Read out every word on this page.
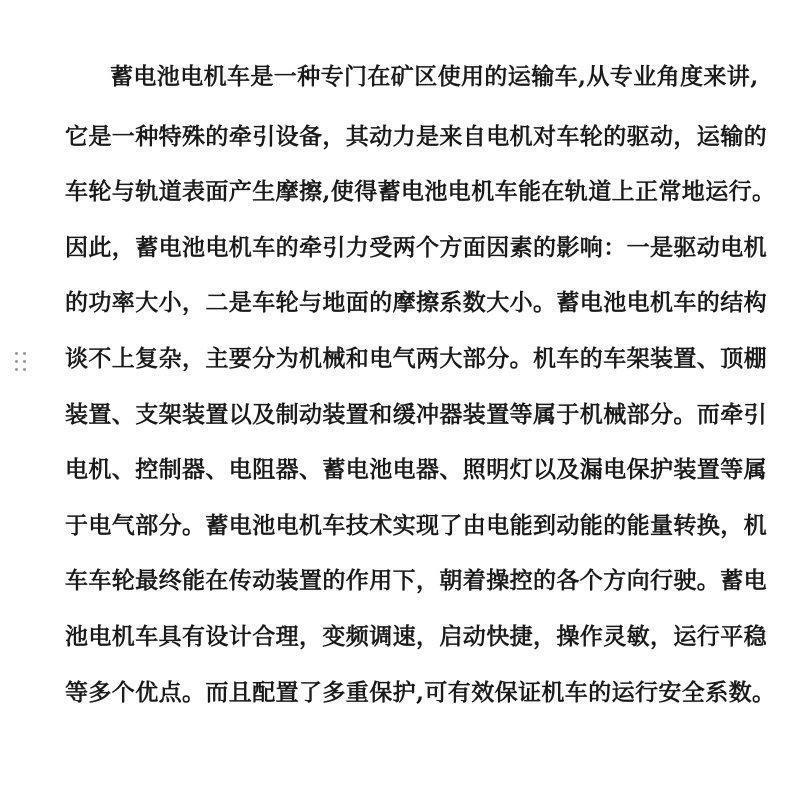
蓄电池电机车是一种专门在矿区使用的运输车,从专业角度来讲,
它是一种特殊的牵引设备，其动力是来自电机对车轮的驱动，运输的
车轮与轨道表面产生摩擦,使得蓄电池电机车能在轨道上正常地运行。
因此，蓄电池电机车的牵引力受两个方面因素的影响：一是驱动电机
的功率大小，二是车轮与地面的摩擦系数大小。蓄电池电机车的结构
谈不上复杂，主要分为机械和电气两大部分。机车的车架装置、顶棚
装置、支架装置以及制动装置和缓冲器装置等属于机械部分。而牵引
电机、控制器、电阻器、蓄电池电器、照明灯以及漏电保护装置等属
于电气部分。蓄电池电机车技术实现了由电能到动能的能量转换，机
车车轮最终能在传动装置的作用下，朝着操控的各个方向行驶。蓄电
池电机车具有设计合理，变频调速，启动快捷，操作灵敏，运行平稳
等多个优点。而且配置了多重保护,可有效保证机车的运行安全系数。
